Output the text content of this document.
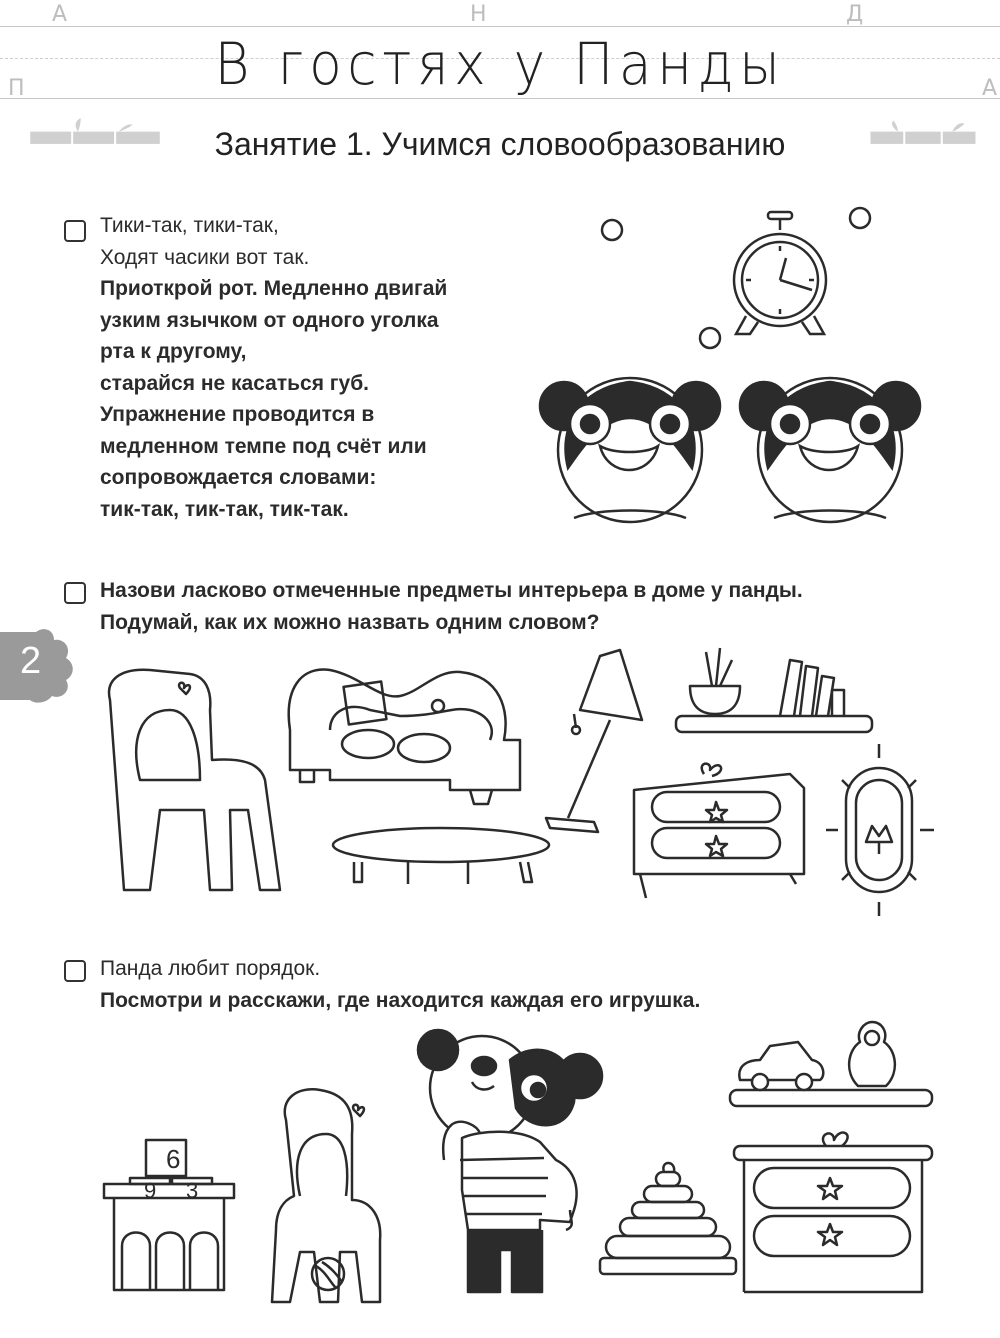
А	Н	Д
П	А
В гостях у Панды
Занятие 1. Учимся словообразованию
2
Тики-так, тики-так,
Ходят часики вот так.
Приоткрой рот. Медленно двигай
узким язычком от одного уголка
рта к другому,
старайся не касаться губ.
Упражнение проводится в
медленном темпе под счёт или
сопровождается словами:
тик-так, тик-так, тик-так.
Назови ласково отмеченные предметы интерьера в доме у панды.
Подумай, как их можно назвать одним словом?
Панда любит порядок.
Посмотри и расскажи, где находится каждая его игрушка.
6
9 3
